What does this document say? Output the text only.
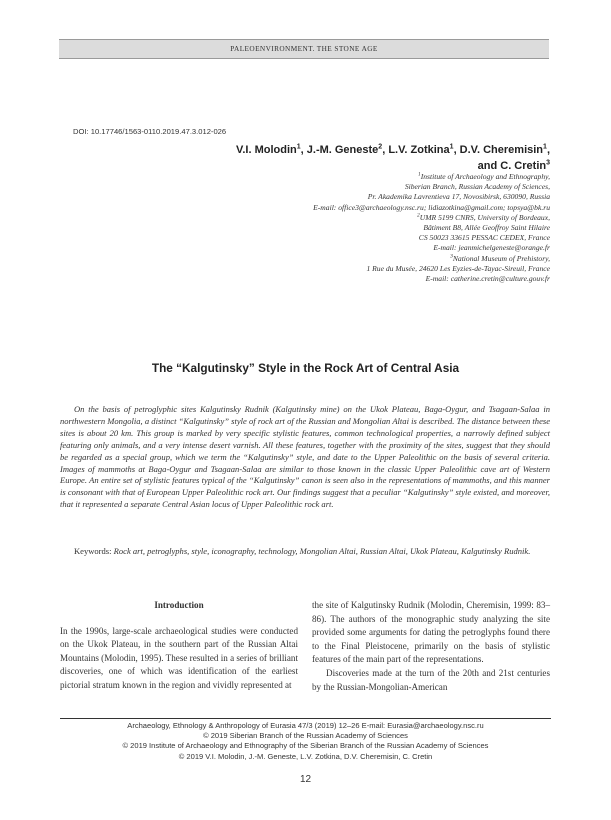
PALEOENVIRONMENT. THE STONE AGE
DOI: 10.17746/1563-0110.2019.47.3.012-026
V.I. Molodin$^1$, J.-M. Geneste$^2$, L.V. Zotkina$^1$, D.V. Cheremisin$^1$,
and C. Cretin$^3$
$^1$Institute of Archaeology and Ethnography,
Siberian Branch, Russian Academy of Sciences,
Pr. Akademika Lavrentieva 17, Novosibirsk, 630090, Russia
E-mail: office3@archaeology.nsc.ru; lidiazotkina@gmail.com; topsya@bk.ru
$^2$UMR 5199 CNRS, University of Bordeaux,
Bâtiment B8, Allée Geoffroy Saint Hilaire
CS 50023 33615 PESSAC CEDEX, France
E-mail: jeanmichelgeneste@orange.fr
$^3$National Museum of Prehistory,
1 Rue du Musée, 24620 Les Eyzies-de-Tayac-Sireuil, France
E-mail: catherine.cretin@culture.gouv.fr
The “Kalgutinsky” Style in the Rock Art of Central Asia
On the basis of petroglyphic sites Kalgutinsky Rudnik (Kalgutinsky mine) on the Ukok Plateau, Baga-Oygur, and Tsagaan-Salaa in northwestern Mongolia, a distinct “Kalgutinsky” style of rock art of the Russian and Mongolian Altai is described. The distance between these sites is about 20 km. This group is marked by very specific stylistic features, common technological properties, a narrowly defined subject featuring only animals, and a very intense desert varnish. All these features, together with the proximity of the sites, suggest that they should be regarded as a special group, which we term the “Kalgutinsky” style, and date to the Upper Paleolithic on the basis of several criteria. Images of mammoths at Baga-Oygur and Tsagaan-Salaa are similar to those known in the classic Upper Paleolithic cave art of Western Europe. An entire set of stylistic features typical of the “Kalgutinsky” canon is seen also in the representations of mammoths, and this manner is consonant with that of European Upper Paleolithic rock art. Our findings suggest that a peculiar “Kalgutinsky” style existed, and moreover, that it represented a separate Central Asian locus of Upper Paleolithic rock art.
Keywords: Rock art, petroglyphs, style, iconography, technology, Mongolian Altai, Russian Altai, Ukok Plateau, Kalgutinsky Rudnik.
Introduction

In the 1990s, large-scale archaeological studies were conducted on the Ukok Plateau, in the southern part of the Russian Altai Mountains (Molodin, 1995). These resulted in a series of brilliant discoveries, one of which was identification of the earliest pictorial stratum known in the region and vividly represented at

the site of Kalgutinsky Rudnik (Molodin, Cheremisin, 1999: 83–86). The authors of the monographic study analyzing the site provided some arguments for dating the petroglyphs found there to the Final Pleistocene, primarily on the basis of stylistic features of the main part of the representations.

Discoveries made at the turn of the 20th and 21st centuries by the Russian-Mongolian-American

Archaeology, Ethnology & Anthropology of Eurasia 47/3 (2019) 12–26 E-mail: Eurasia@archaeology.nsc.ru
© 2019 Siberian Branch of the Russian Academy of Sciences
© 2019 Institute of Archaeology and Ethnography of the Siberian Branch of the Russian Academy of Sciences
© 2019 V.I. Molodin, J.-M. Geneste, L.V. Zotkina, D.V. Cheremisin, C. Cretin
12
